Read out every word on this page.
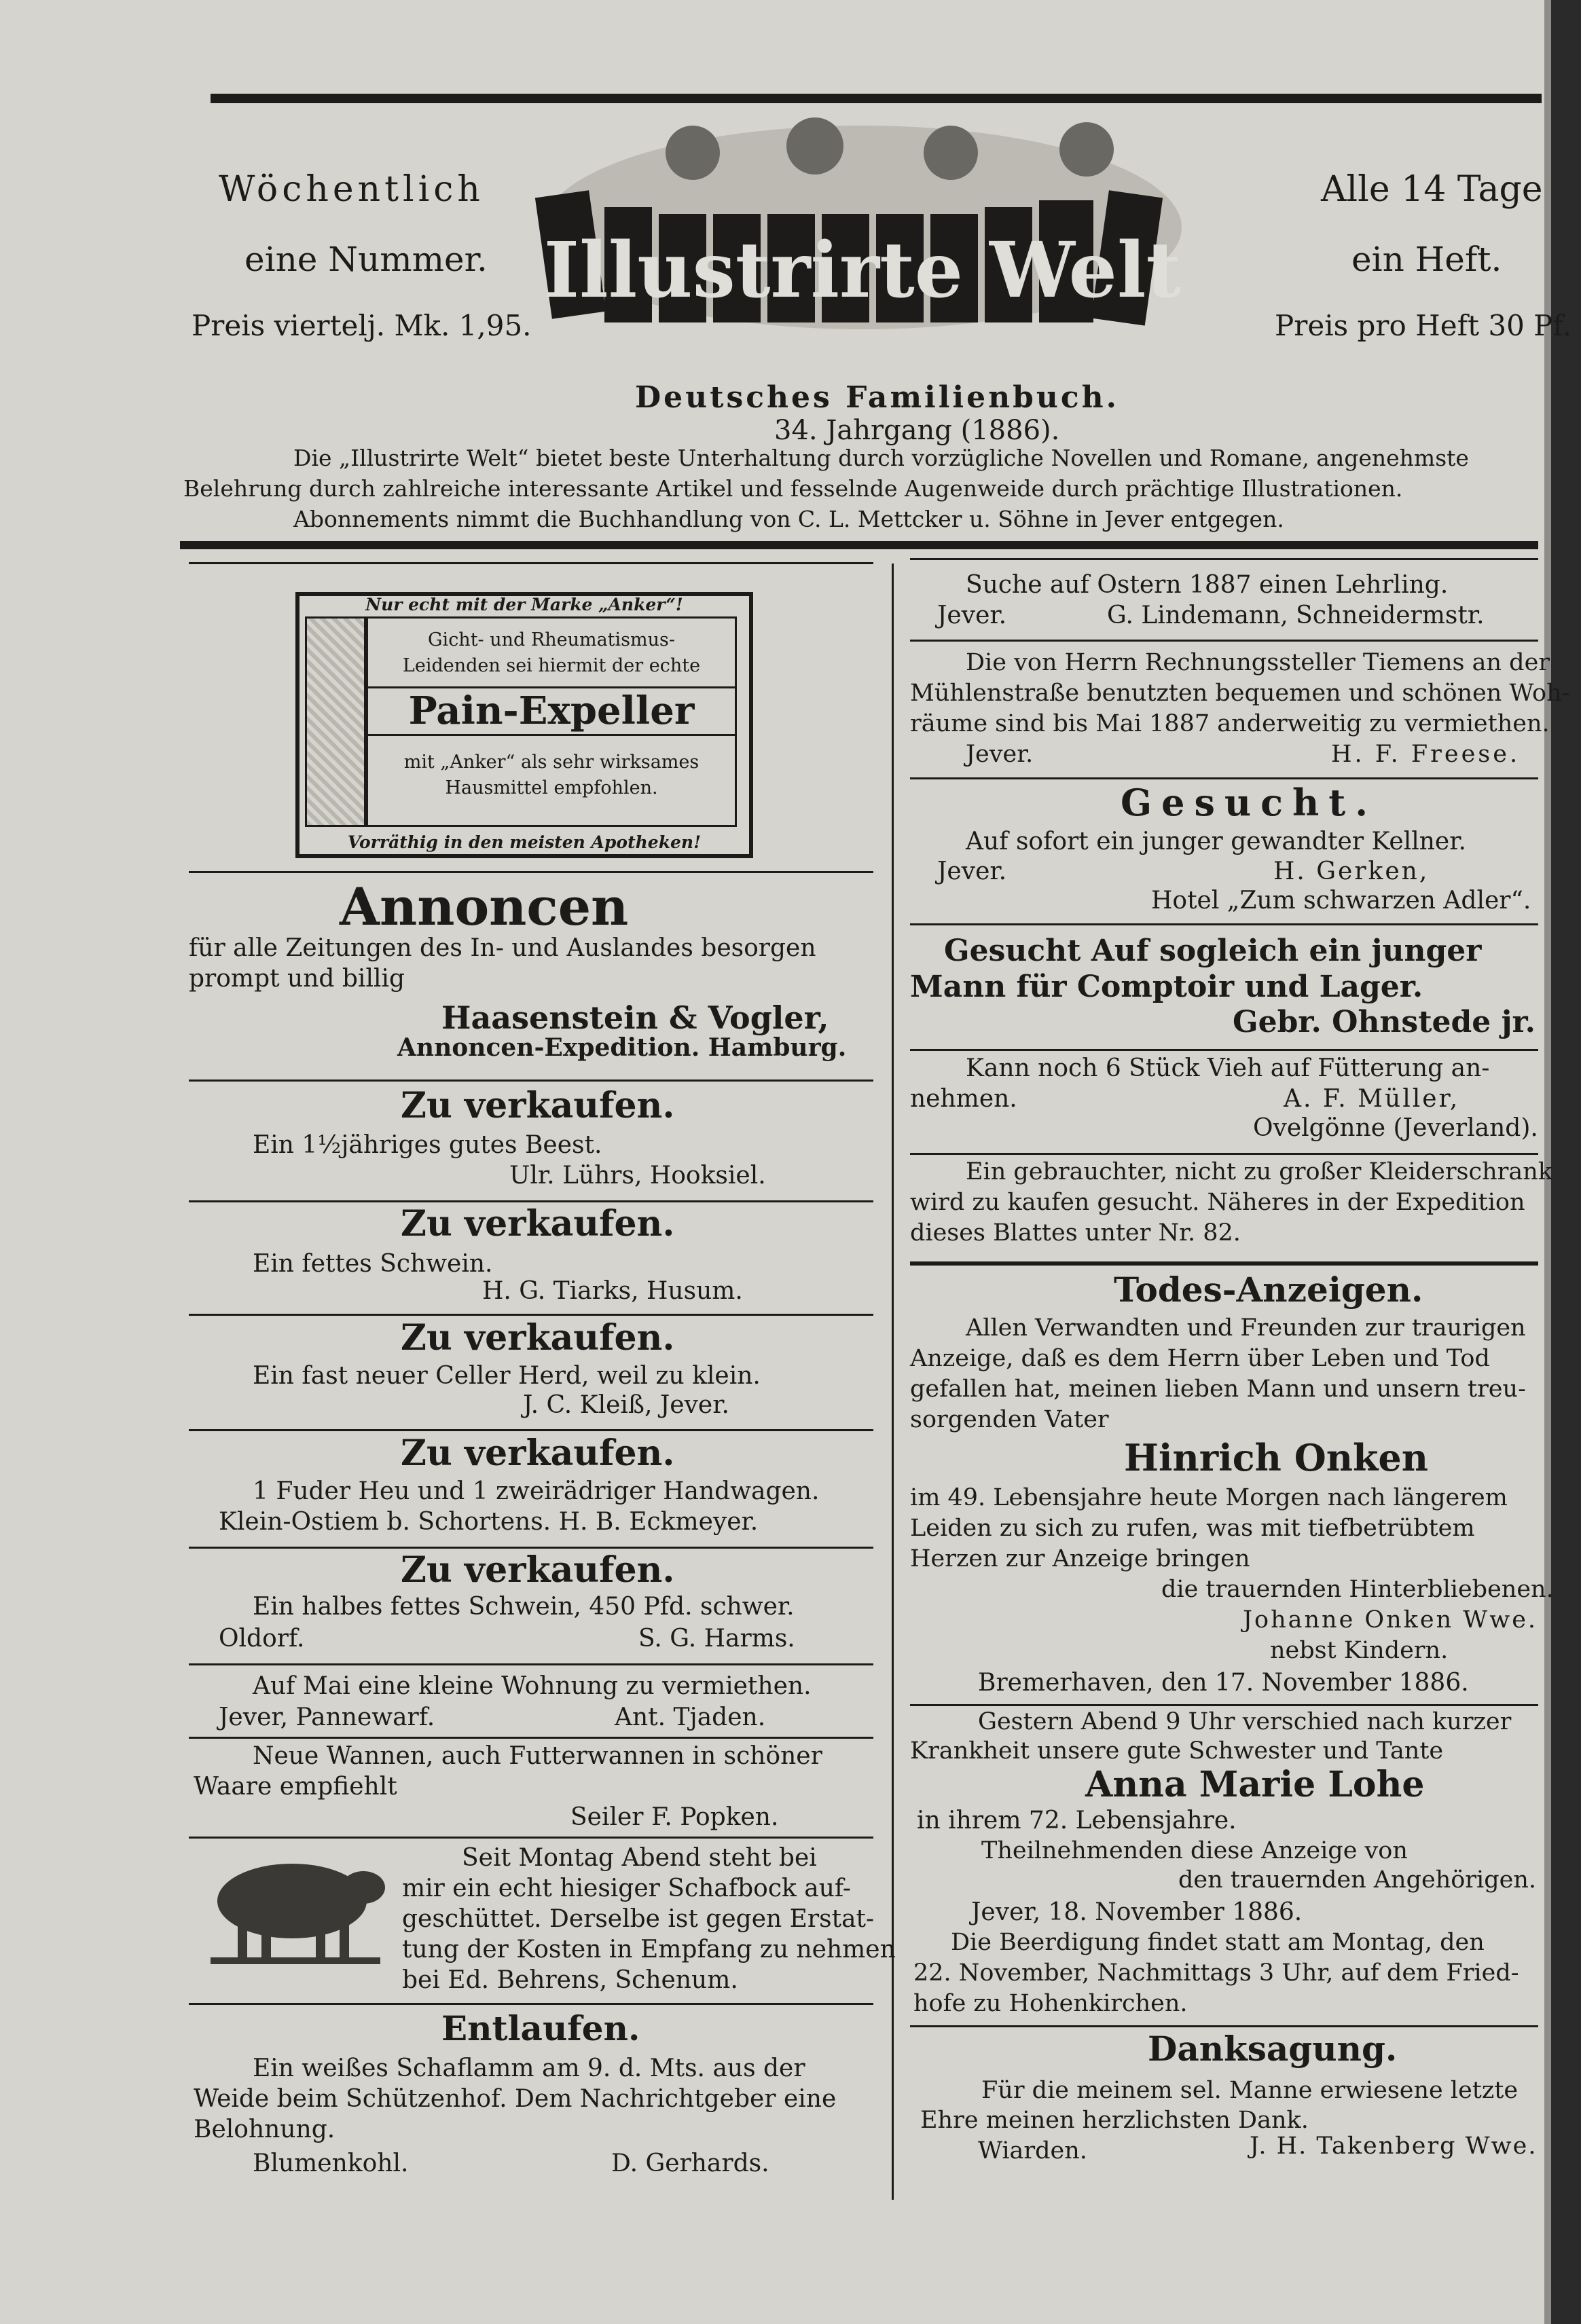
Wöchentlich
eine Nummer.
Preis viertelj. Mk. 1,95.
Illustrirte Welt
Alle 14 Tage
ein Heft.
Preis pro Heft 30 Pf.
Deutsches Familienbuch.
34. Jahrgang (1886).
Die „Illustrirte Welt“ bietet beste Unterhaltung durch vorzügliche Novellen und Romane, angenehmste
Belehrung durch zahlreiche interessante Artikel und fesselnde Augenweide durch prächtige Illustrationen.
Abonnements nimmt die Buchhandlung von C. L. Mettcker u. Söhne in Jever entgegen.
Nur echt mit der Marke „Anker“!
Gicht- und Rheumatismus-
Leidenden sei hiermit der echte
Pain-Expeller
mit „Anker“ als sehr wirksames
Hausmittel empfohlen.
Vorräthig in den meisten Apotheken!
Annoncen
für alle Zeitungen des In- und Auslandes besorgen
prompt und billig
Haasenstein & Vogler,
Annoncen-Expedition. Hamburg.
Zu verkaufen.
Ein 1½jähriges gutes Beest.
Ulr. Lührs, Hooksiel.
Zu verkaufen.
Ein fettes Schwein.
H. G. Tiarks, Husum.
Zu verkaufen.
Ein fast neuer Celler Herd, weil zu klein.
J. C. Kleiß, Jever.
Zu verkaufen.
1 Fuder Heu und 1 zweirädriger Handwagen.
Klein-Ostiem b. Schortens. H. B. Eckmeyer.
Zu verkaufen.
Ein halbes fettes Schwein, 450 Pfd. schwer.
Oldorf.	S. G. Harms.
Auf Mai eine kleine Wohnung zu vermiethen.
Jever, Pannewarf.	Ant. Tjaden.
Neue Wannen, auch Futterwannen in schöner
Waare empfiehlt
Seiler F. Popken.
Seit Montag Abend steht bei
mir ein echt hiesiger Schafbock auf-
geschüttet. Derselbe ist gegen Erstat-
tung der Kosten in Empfang zu nehmen
bei Ed. Behrens, Schenum.
Entlaufen.
Ein weißes Schaflamm am 9. d. Mts. aus der
Weide beim Schützenhof. Dem Nachrichtgeber eine
Belohnung.
Blumenkohl.	D. Gerhards.
Suche auf Ostern 1887 einen Lehrling.
Jever.	G. Lindemann, Schneidermstr.
Die von Herrn Rechnungssteller Tiemens an der
Mühlenstraße benutzten bequemen und schönen Woh-
räume sind bis Mai 1887 anderweitig zu vermiethen.
Jever.	H. F. Freese.
Gesucht.
Auf sofort ein junger gewandter Kellner.
Jever.	H. Gerken,
Hotel „Zum schwarzen Adler“.
Gesucht Auf sogleich ein junger
Mann für Comptoir und Lager.
Gebr. Ohnstede jr.
Kann noch 6 Stück Vieh auf Fütterung an-
nehmen.	A. F. Müller,
Ovelgönne (Jeverland).
Ein gebrauchter, nicht zu großer Kleiderschrank
wird zu kaufen gesucht. Näheres in der Expedition
dieses Blattes unter Nr. 82.
Todes-Anzeigen.
Allen Verwandten und Freunden zur traurigen
Anzeige, daß es dem Herrn über Leben und Tod
gefallen hat, meinen lieben Mann und unsern treu-
sorgenden Vater
Hinrich Onken
im 49. Lebensjahre heute Morgen nach längerem
Leiden zu sich zu rufen, was mit tiefbetrübtem
Herzen zur Anzeige bringen
die trauernden Hinterbliebenen.
Johanne Onken Wwe.
nebst Kindern.
Bremerhaven, den 17. November 1886.
Gestern Abend 9 Uhr verschied nach kurzer
Krankheit unsere gute Schwester und Tante
Anna Marie Lohe
in ihrem 72. Lebensjahre.
Theilnehmenden diese Anzeige von
den trauernden Angehörigen.
Jever, 18. November 1886.
Die Beerdigung findet statt am Montag, den
22. November, Nachmittags 3 Uhr, auf dem Fried-
hofe zu Hohenkirchen.
Danksagung.
Für die meinem sel. Manne erwiesene letzte
Ehre meinen herzlichsten Dank.
Wiarden.	J. H. Takenberg Wwe.
